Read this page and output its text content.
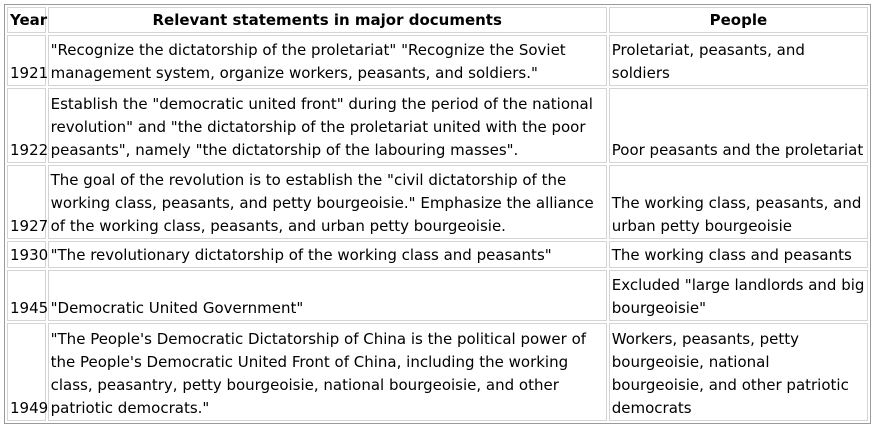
Year	Relevant statements in major documents	People
1921	"Recognize the dictatorship of the proletariat" "Recognize the Soviet management system, organize workers, peasants, and soldiers."	Proletariat, peasants, and soldiers
1922	Establish the "democratic united front" during the period of the national revolution" and "the dictatorship of the proletariat united with the poor peasants", namely "the dictatorship of the labouring masses".	Poor peasants and the proletariat
1927	The goal of the revolution is to establish the "civil dictatorship of the working class, peasants, and petty bourgeoisie." Emphasize the alliance of the working class, peasants, and urban petty bourgeoisie.	The working class, peasants, and urban petty bourgeoisie
1930	"The revolutionary dictatorship of the working class and peasants"	The working class and peasants
1945	"Democratic United Government"	Excluded "large landlords and big bourgeoisie"
1949	"The People's Democratic Dictatorship of China is the political power of the People's Democratic United Front of China, including the working class, peasantry, petty bourgeoisie, national bourgeoisie, and other patriotic democrats."	Workers, peasants, petty bourgeoisie, national bourgeoisie, and other patriotic democrats
